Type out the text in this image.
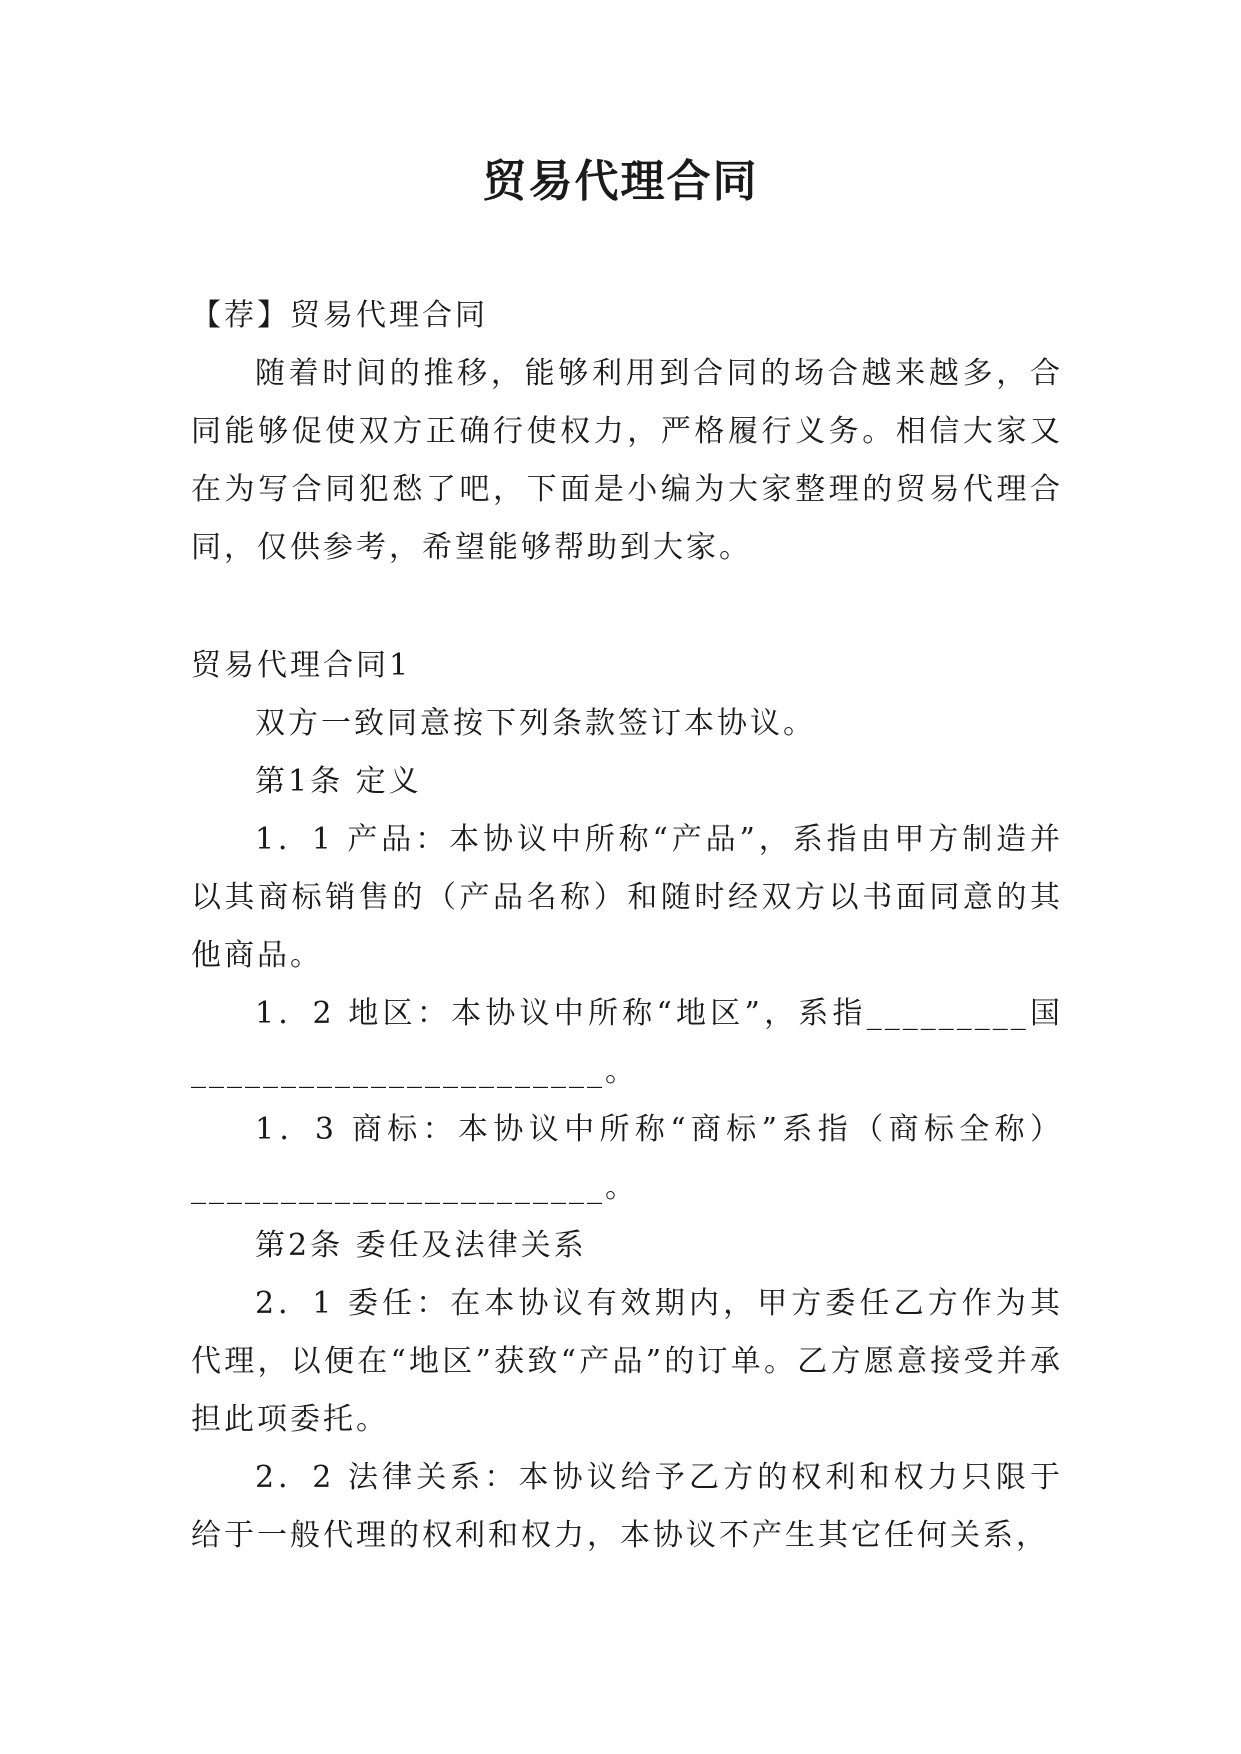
贸易代理合同

【荐】贸易代理合同

随着时间的推移，能够利用到合同的场合越来越多，合同能够促使双方正确行使权力，严格履行义务。相信大家又在为写合同犯愁了吧，下面是小编为大家整理的贸易代理合同，仅供参考，希望能够帮助到大家。

贸易代理合同1

双方一致同意按下列条款签订本协议。

第1条 定义

1．1 产品：本协议中所称“产品”，系指由甲方制造并以其商标销售的（产品名称）和随时经双方以书面同意的其他商品。

1．2 地区：本协议中所称“地区”，系指_________国_______________________。

1．3 商标：本协议中所称“商标”系指（商标全称）_______________________。

第2条 委任及法律关系

2．1 委任：在本协议有效期内，甲方委任乙方作为其代理，以便在“地区”获致“产品”的订单。乙方愿意接受并承担此项委托。

2．2 法律关系：本协议给予乙方的权利和权力只限于给于一般代理的权利和权力，本协议不产生其它任何关系，
